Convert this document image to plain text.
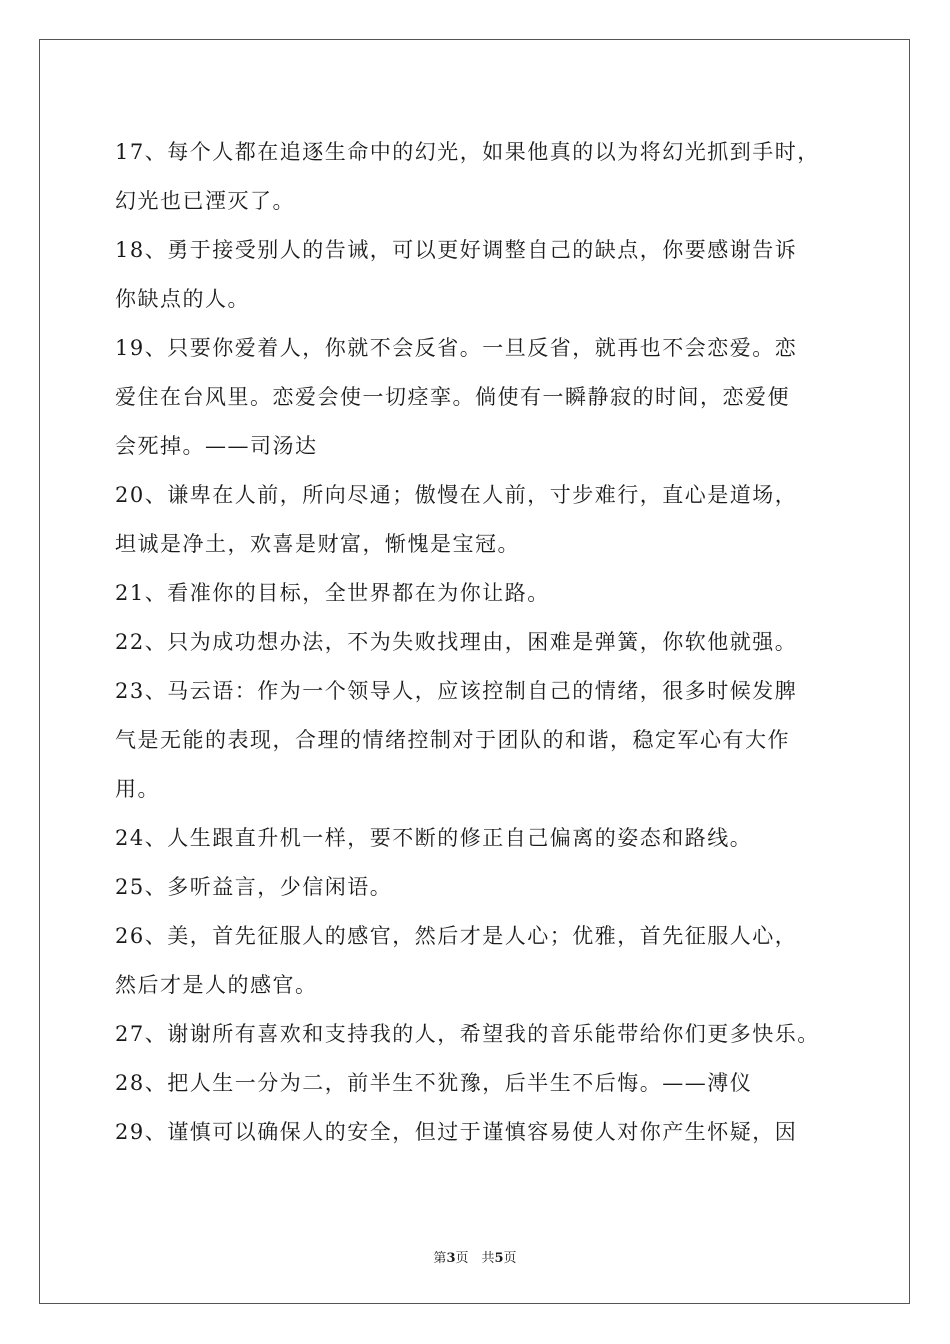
17、每个人都在追逐生命中的幻光，如果他真的以为将幻光抓到手时，
幻光也已湮灭了。
18、勇于接受别人的告诫，可以更好调整自己的缺点，你要感谢告诉
你缺点的人。
19、只要你爱着人，你就不会反省。一旦反省，就再也不会恋爱。恋
爱住在台风里。恋爱会使一切痉挛。倘使有一瞬静寂的时间，恋爱便
会死掉。——司汤达
20、谦卑在人前，所向尽通；傲慢在人前，寸步难行，直心是道场，
坦诚是净土，欢喜是财富，惭愧是宝冠。
21、看准你的目标，全世界都在为你让路。
22、只为成功想办法，不为失败找理由，困难是弹簧，你软他就强。
23、马云语：作为一个领导人，应该控制自己的情绪，很多时候发脾
气是无能的表现，合理的情绪控制对于团队的和谐，稳定军心有大作
用。
24、人生跟直升机一样，要不断的修正自己偏离的姿态和路线。
25、多听益言，少信闲语。
26、美，首先征服人的感官，然后才是人心；优雅，首先征服人心，
然后才是人的感官。
27、谢谢所有喜欢和支持我的人，希望我的音乐能带给你们更多快乐。
28、把人生一分为二，前半生不犹豫，后半生不后悔。——溥仪
29、谨慎可以确保人的安全，但过于谨慎容易使人对你产生怀疑，因
第3页　共5页
